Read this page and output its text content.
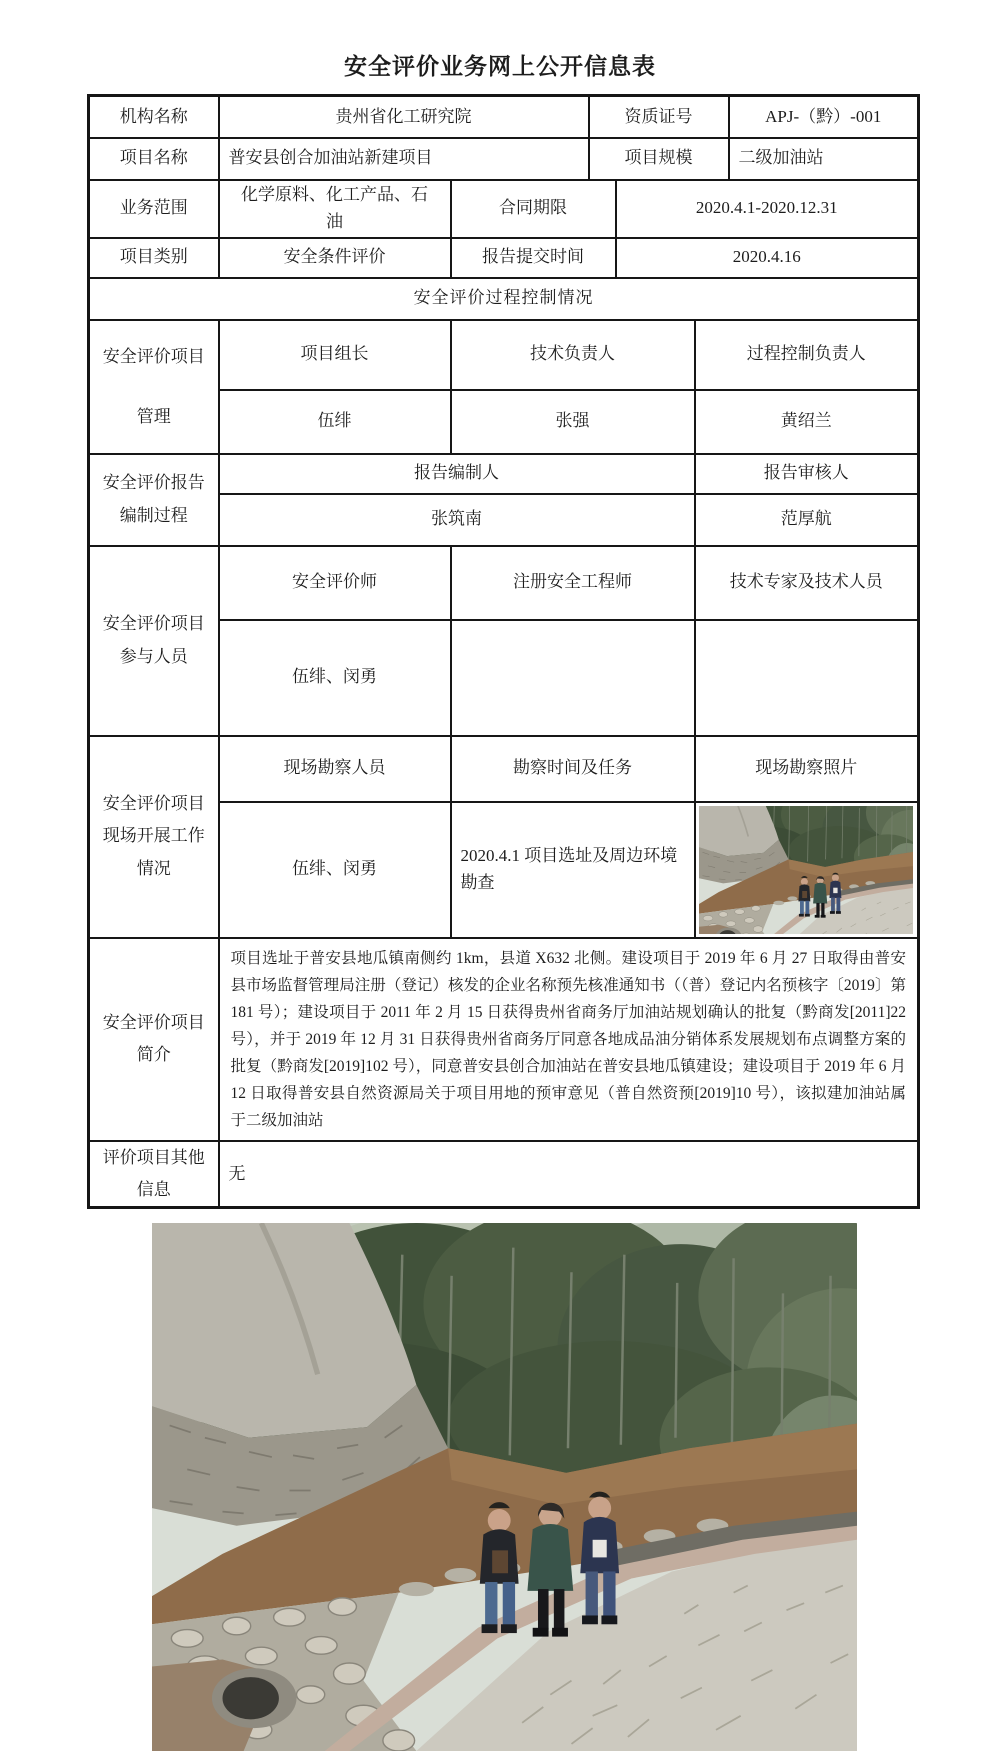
安全评价业务网上公开信息表
机构名称	贵州省化工研究院		资质证号			APJ-（黔）-001
项目名称	普安县创合加油站新建项目		项目规模			二级加油站
业务范围	化学原料、化工产品、石油	合同期限		2020.4.1-2020.12.31		
项目类别	安全条件评价	报告提交时间		2020.4.16		
安全评价过程控制情况						
安全评价项目管理	项目组长	技术负责人			过程控制负责人	
	伍绯	张强			黄绍兰	
安全评价报告编制过程	报告编制人				报告审核人	
	张筑南				范厚航	
安全评价项目参与人员	安全评价师	注册安全工程师			技术专家及技术人员	
	伍绯、闵勇					
安全评价项目现场开展工作情况	现场勘察人员	勘察时间及任务			现场勘察照片	
	伍绯、闵勇	2020.4.1 项目选址及周边环境勘查	

安全评价项目简介	项目选址于普安县地瓜镇南侧约 1km，县道 X632 北侧。建设项目于 2019 年 6 月 27 日取得由普安县市场监督管理局注册（登记）核发的企业名称预先核准通知书（（普）登记内名预核字〔2019〕第 181 号）；建设项目于 2011 年 2 月 15 日获得贵州省商务厅加油站规划确认的批复（黔商发[2011]22 号），并于 2019 年 12 月 31 日获得贵州省商务厅同意各地成品油分销体系发展规划布点调整方案的批复（黔商发[2019]102 号），同意普安县创合加油站在普安县地瓜镇建设；建设项目于 2019 年 6 月 12 日取得普安县自然资源局关于项目用地的预审意见（普自然资预[2019]10 号），该拟建加油站属于二级加油站					
评价项目其他信息	无					
